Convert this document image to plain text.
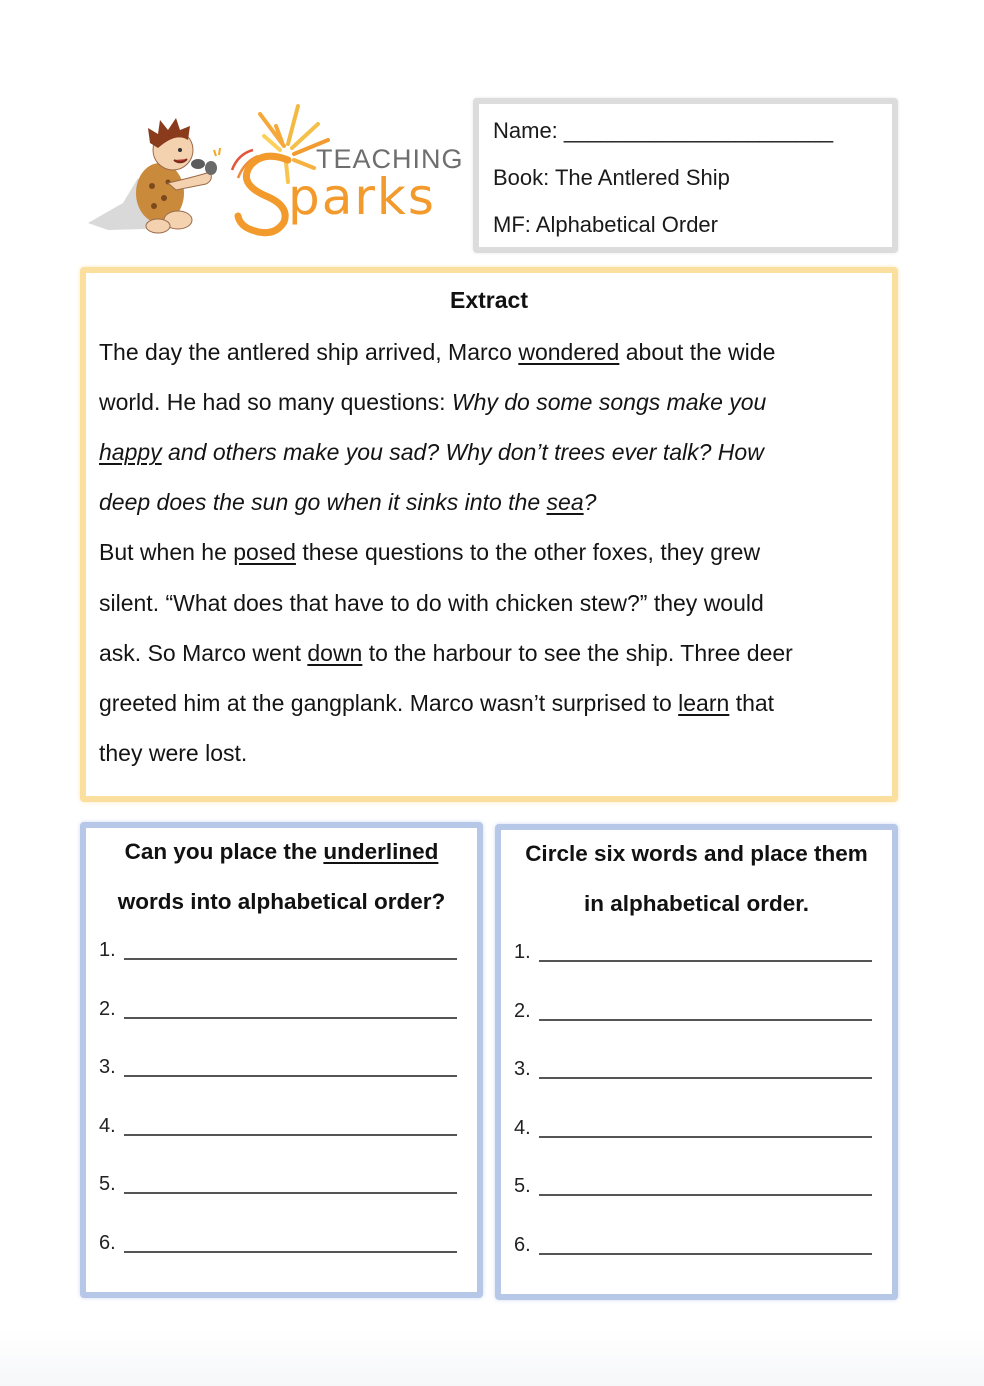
TEACHING
parks
Name: ______________________
Book: The Antlered Ship
MF: Alphabetical Order
Extract
The day the antlered ship arrived, Marco wondered about the wide
world. He had so many questions: Why do some songs make you
happy and others make you sad? Why don’t trees ever talk? How
deep does the sun go when it sinks into the sea?
But when he posed these questions to the other foxes, they grew
silent. “What does that have to do with chicken stew?” they would
ask. So Marco went down to the harbour to see the ship. Three deer
greeted him at the gangplank. Marco wasn’t surprised to learn that
they were lost.
Can you place the underlined
words into alphabetical order?
1.
2.
3.
4.
5.
6.
Circle six words and place them
in alphabetical order.
1.
2.
3.
4.
5.
6.
